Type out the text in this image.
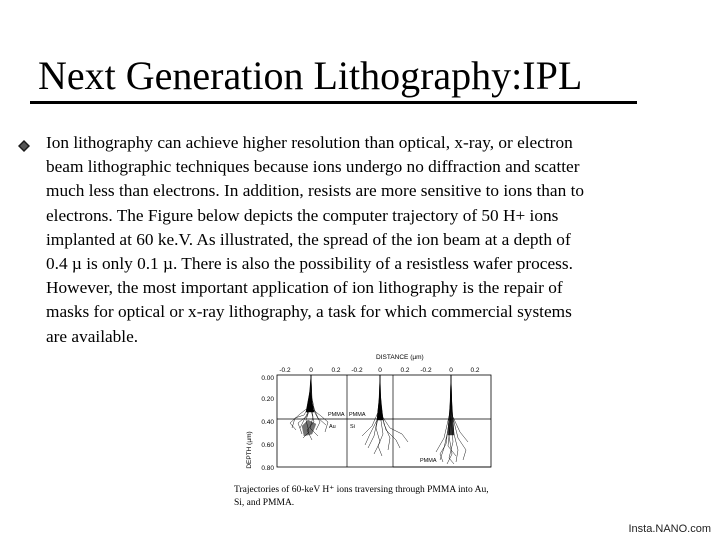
Next Generation Lithography:IPL
Ion lithography can achieve higher resolution than optical, x-ray, or electron
beam lithographic techniques because ions undergo no diffraction and scatter
much less than electrons. In addition, resists are more sensitive to ions than to
electrons. The Figure below depicts the computer trajectory of 50 H+ ions
implanted at 60 ke.V. As illustrated, the spread of the ion beam at a depth of
0.4 µ is only 0.1 µ. There is also the possibility of a resistless wafer process.
However, the most important application of ion lithography is the repair of
masks for optical or x-ray lithography, a task for which commercial systems
are available.
DISTANCE (µm)
-0.2	0	0.2 -0.2 0	0.2 -0.2	0	0.2
DEPTH (µm)
0.00
0.20
0.40
0.60
0.80
PMMA
Au
PMMA
Si
PMMA
Trajectories of 60-keV H⁺ ions traversing through PMMA into Au,
Si, and PMMA.
Insta.NANO.com
